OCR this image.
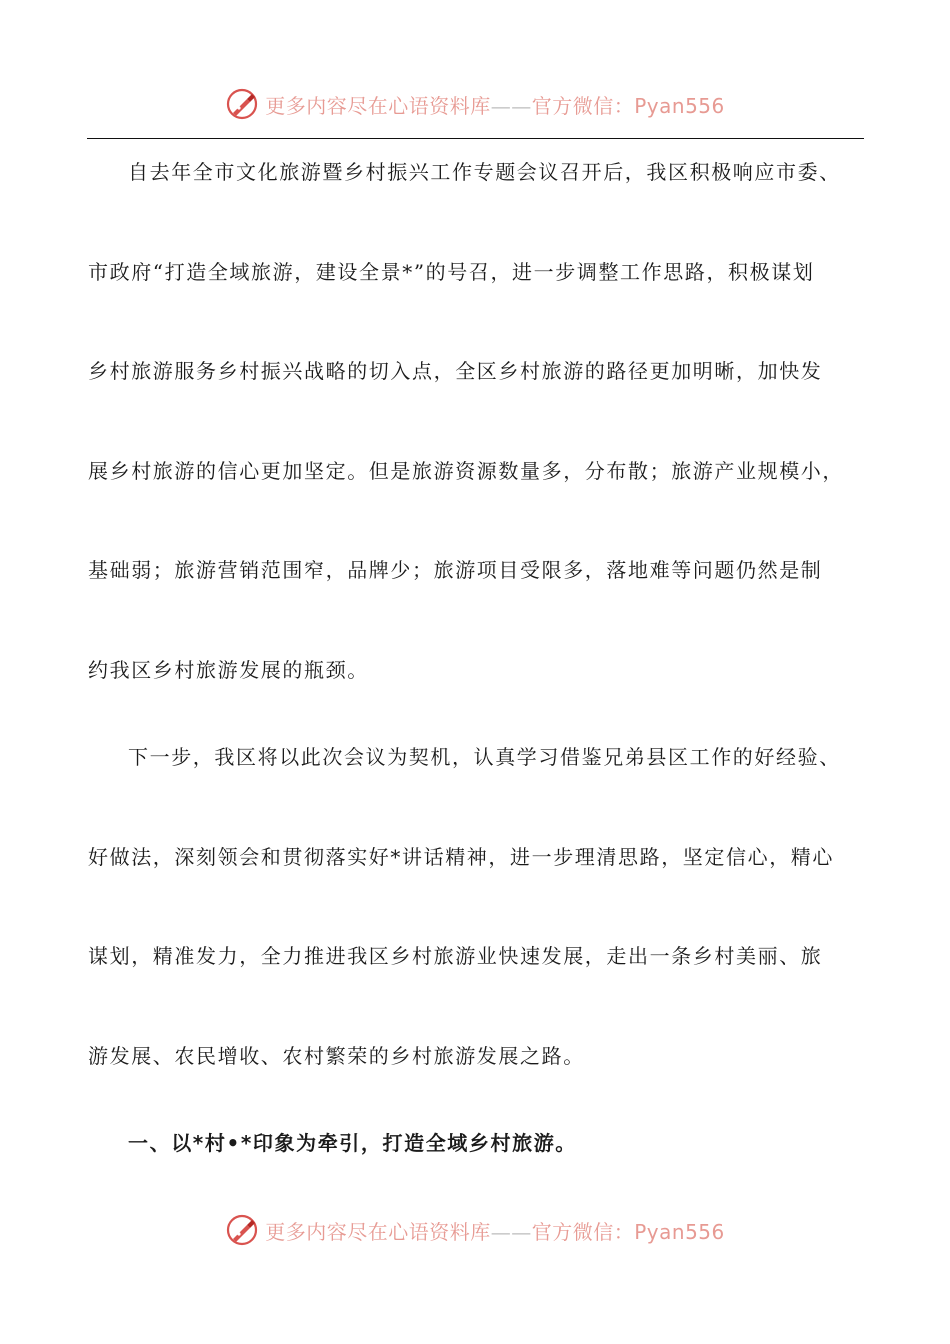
更多内容尽在心语资料库——官方微信：Pyan556
自去年全市文化旅游暨乡村振兴工作专题会议召开后，我区积极响应市委、
市政府“打造全域旅游，建设全景*”的号召，进一步调整工作思路，积极谋划
乡村旅游服务乡村振兴战略的切入点，全区乡村旅游的路径更加明晰，加快发
展乡村旅游的信心更加坚定。但是旅游资源数量多，分布散；旅游产业规模小，
基础弱；旅游营销范围窄，品牌少；旅游项目受限多，落地难等问题仍然是制
约我区乡村旅游发展的瓶颈。
下一步，我区将以此次会议为契机，认真学习借鉴兄弟县区工作的好经验、
好做法，深刻领会和贯彻落实好*讲话精神，进一步理清思路，坚定信心，精心
谋划，精准发力，全力推进我区乡村旅游业快速发展，走出一条乡村美丽、旅
游发展、农民增收、农村繁荣的乡村旅游发展之路。
一、以*村•*印象为牵引，打造全域乡村旅游。
更多内容尽在心语资料库——官方微信：Pyan556
